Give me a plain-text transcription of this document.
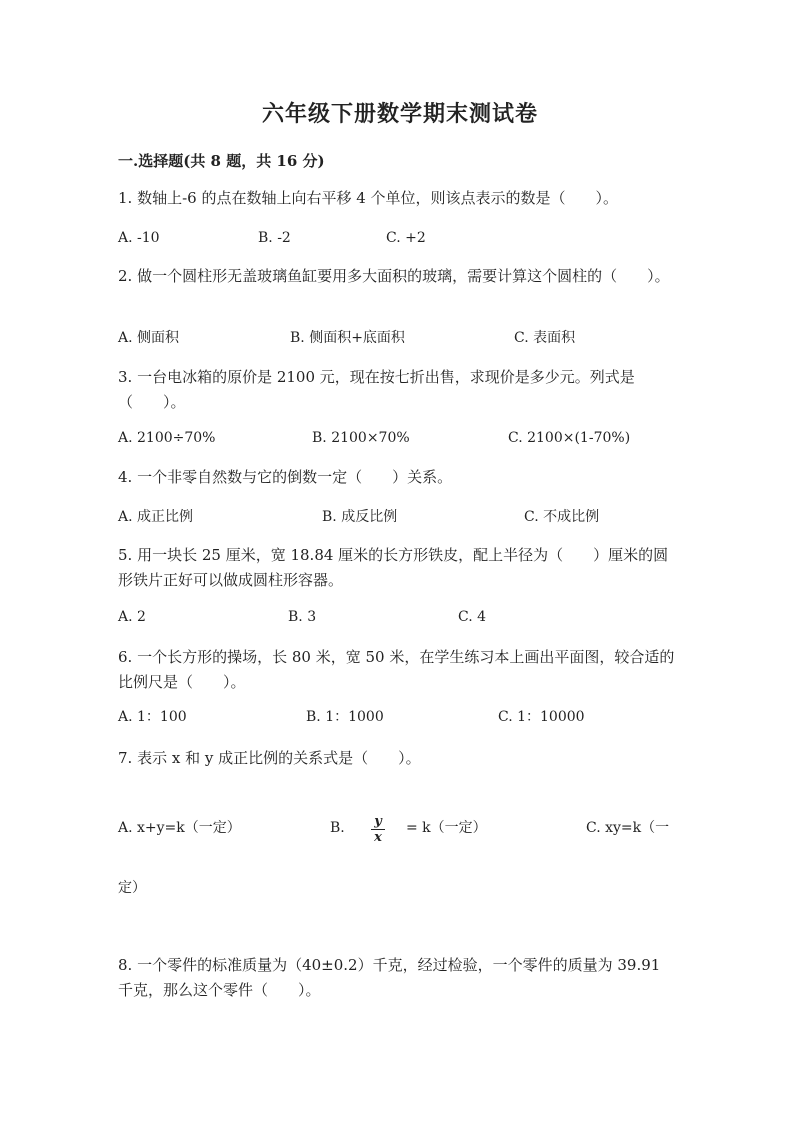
六年级下册数学期末测试卷
一.选择题(共 8 题，共 16 分)
1. 数轴上-6 的点在数轴上向右平移 4 个单位，则该点表示的数是（　　）。
A. -10	B. -2	C. +2
2. 做一个圆柱形无盖玻璃鱼缸要用多大面积的玻璃，需要计算这个圆柱的（　　）。
A. 侧面积	B. 侧面积+底面积	C. 表面积
3. 一台电冰箱的原价是 2100 元，现在按七折出售，求现价是多少元。列式是（　　）。
A. 2100÷70%	B. 2100×70%	C. 2100×(1-70%)
4. 一个非零自然数与它的倒数一定（　　）关系。
A. 成正比例	B. 成反比例	C. 不成比例
5. 用一块长 25 厘米，宽 18.84 厘米的长方形铁皮，配上半径为（　　）厘米的圆形铁片正好可以做成圆柱形容器。
A. 2	B. 3	C. 4
6. 一个长方形的操场，长 80 米，宽 50 米，在学生练习本上画出平面图，较合适的比例尺是（　　）。
A. 1：100	B. 1：1000	C. 1：10000
7. 表示 x 和 y 成正比例的关系式是（　　）。
A. x+y=k（一定）	B. y
x
= k（一定）	C. xy=k（一
定）
8. 一个零件的标准质量为（40±0.2）千克，经过检验，一个零件的质量为 39.91 千克，那么这个零件（　　）。
